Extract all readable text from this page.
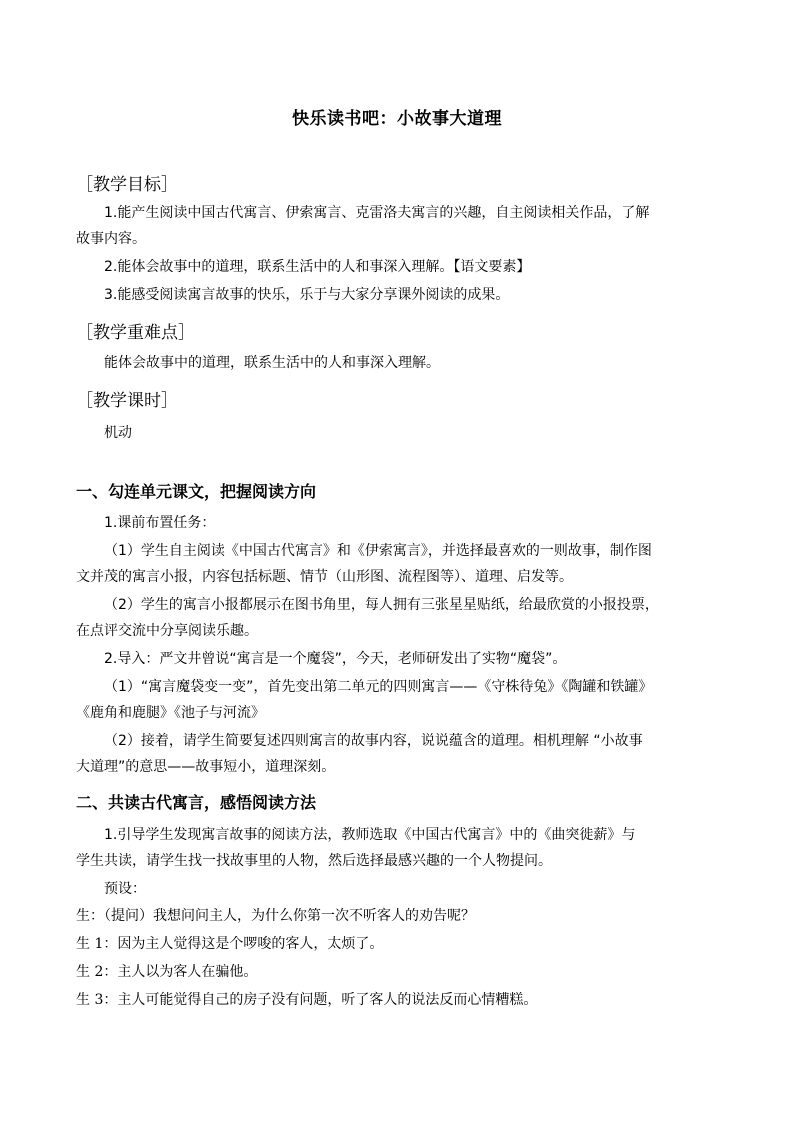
快乐读书吧：小故事大道理
［教学目标］
1.能产生阅读中国古代寓言、伊索寓言、克雷洛夫寓言的兴趣，自主阅读相关作品，了解
故事内容。
2.能体会故事中的道理，联系生活中的人和事深入理解。【语文要素】
3.能感受阅读寓言故事的快乐，乐于与大家分享课外阅读的成果。
［教学重难点］
能体会故事中的道理，联系生活中的人和事深入理解。
［教学课时］
机动
一、勾连单元课文，把握阅读方向
1.课前布置任务：
（1）学生自主阅读《中国古代寓言》和《伊索寓言》，并选择最喜欢的一则故事，制作图
文并茂的寓言小报，内容包括标题、情节（山形图、流程图等）、道理、启发等。
（2）学生的寓言小报都展示在图书角里，每人拥有三张星星贴纸，给最欣赏的小报投票，
在点评交流中分享阅读乐趣。
2.导入：严文井曾说“寓言是一个魔袋”，今天，老师研发出了实物“魔袋”。
（1）“寓言魔袋变一变”，首先变出第二单元的四则寓言——《守株待兔》《陶罐和铁罐》
《鹿角和鹿腿》《池子与河流》
（2）接着，请学生简要复述四则寓言的故事内容，说说蕴含的道理。相机理解 “小故事
大道理”的意思——故事短小，道理深刻。
二、共读古代寓言，感悟阅读方法
1.引导学生发现寓言故事的阅读方法，教师选取《中国古代寓言》中的《曲突徙薪》与
学生共读，请学生找一找故事里的人物，然后选择最感兴趣的一个人物提问。
预设：
生：（提问）我想问问主人，为什么你第一次不听客人的劝告呢？
生 1：因为主人觉得这是个啰唆的客人，太烦了。
生 2：主人以为客人在骗他。
生 3：主人可能觉得自己的房子没有问题，听了客人的说法反而心情糟糕。
